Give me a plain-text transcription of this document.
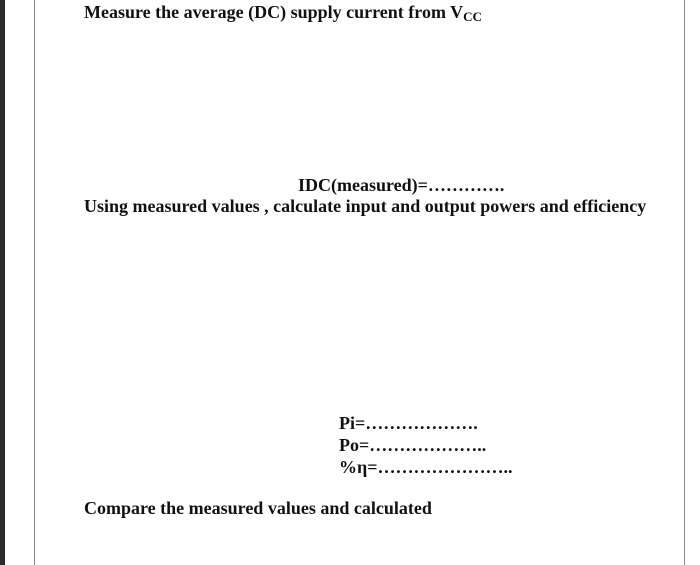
Measure the average (DC) supply current from VCC
IDC(measured)=………….
Using measured values , calculate input and output powers and efficiency
Pi=……………….
Po=………………..
%η=…………………..
Compare the measured values and calculated
